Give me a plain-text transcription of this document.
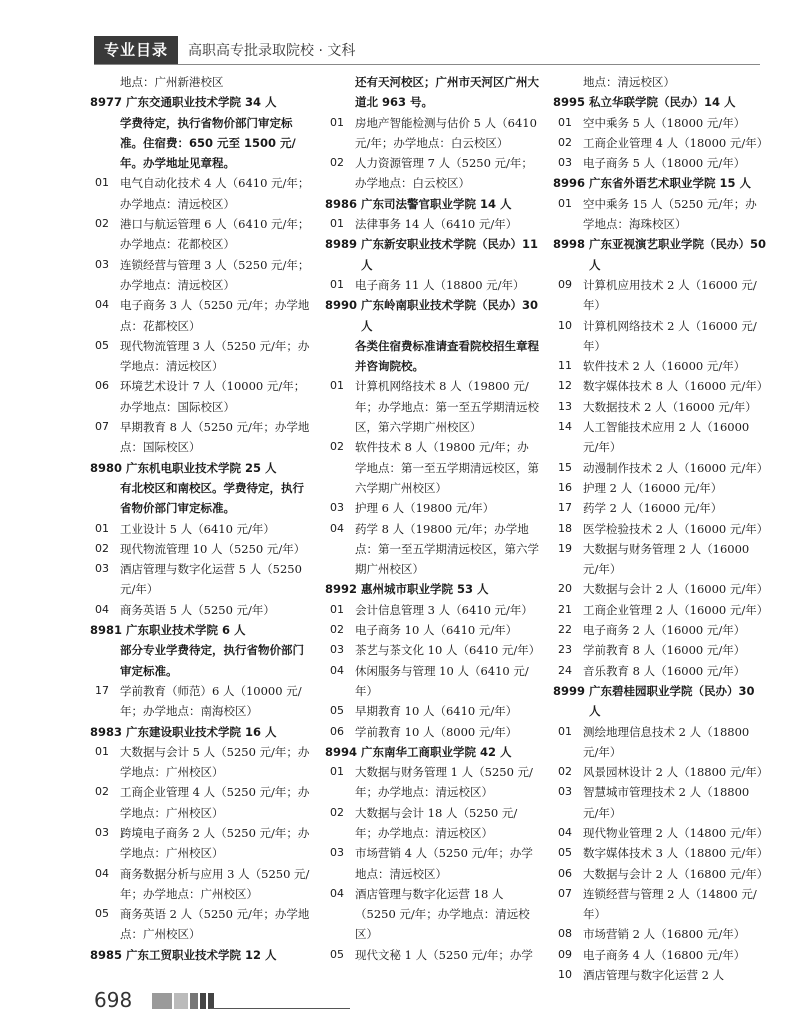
专业目录	高职高专批录取院校 · 文科
地点：广州新港校区
8977 广东交通职业技术学院 34 人
学费待定，执行省物价部门审定标准。住宿费：650 元至 1500 元/年。办学地址见章程。
01 电气自动化技术 4 人（6410 元/年；办学地点：清远校区）
02 港口与航运管理 6 人（6410 元/年；办学地点：花都校区）
03 连锁经营与管理 3 人（5250 元/年；办学地点：清远校区）
04 电子商务 3 人（5250 元/年；办学地点：花都校区）
05 现代物流管理 3 人（5250 元/年；办学地点：清远校区）
06 环境艺术设计 7 人（10000 元/年；办学地点：国际校区）
07 早期教育 8 人（5250 元/年；办学地点：国际校区）
8980 广东机电职业技术学院 25 人
有北校区和南校区。学费待定，执行省物价部门审定标准。
01 工业设计 5 人（6410 元/年）
02 现代物流管理 10 人（5250 元/年）
03 酒店管理与数字化运营 5 人（5250 元/年）
04 商务英语 5 人（5250 元/年）
8981 广东职业技术学院 6 人
部分专业学费待定，执行省物价部门审定标准。
17 学前教育（师范）6 人（10000 元/年；办学地点：南海校区）
8983 广东建设职业技术学院 16 人
01 大数据与会计 5 人（5250 元/年；办学地点：广州校区）
02 工商企业管理 4 人（5250 元/年；办学地点：广州校区）
03 跨境电子商务 2 人（5250 元/年；办学地点：广州校区）
04 商务数据分析与应用 3 人（5250 元/年；办学地点：广州校区）
05 商务英语 2 人（5250 元/年；办学地点：广州校区）
8985 广东工贸职业技术学院 12 人
还有天河校区；广州市天河区广州大道北 963 号。
01 房地产智能检测与估价 5 人（6410 元/年；办学地点：白云校区）
02 人力资源管理 7 人（5250 元/年；办学地点：白云校区）
8986 广东司法警官职业学院 14 人
01 法律事务 14 人（6410 元/年）
8989 广东新安职业技术学院（民办）11 人
01 电子商务 11 人（18800 元/年）
8990 广东岭南职业技术学院（民办）30 人
各类住宿费标准请查看院校招生章程并咨询院校。
01 计算机网络技术 8 人（19800 元/年；办学地点：第一至五学期清远校区，第六学期广州校区）
02 软件技术 8 人（19800 元/年；办学地点：第一至五学期清远校区，第六学期广州校区）
03 护理 6 人（19800 元/年）
04 药学 8 人（19800 元/年；办学地点：第一至五学期清远校区，第六学期广州校区）
8992 惠州城市职业学院 53 人
01 会计信息管理 3 人（6410 元/年）
02 电子商务 10 人（6410 元/年）
03 茶艺与茶文化 10 人（6410 元/年）
04 休闲服务与管理 10 人（6410 元/年）
05 早期教育 10 人（6410 元/年）
06 学前教育 10 人（8000 元/年）
8994 广东南华工商职业学院 42 人
01 大数据与财务管理 1 人（5250 元/年；办学地点：清远校区）
02 大数据与会计 18 人（5250 元/年；办学地点：清远校区）
03 市场营销 4 人（5250 元/年；办学地点：清远校区）
04 酒店管理与数字化运营 18 人（5250 元/年；办学地点：清远校区）
05 现代文秘 1 人（5250 元/年；办学
地点：清远校区）
8995 私立华联学院（民办）14 人
01 空中乘务 5 人（18000 元/年）
02 工商企业管理 4 人（18000 元/年）
03 电子商务 5 人（18000 元/年）
8996 广东省外语艺术职业学院 15 人
01 空中乘务 15 人（5250 元/年；办学地点：海珠校区）
8998 广东亚视演艺职业学院（民办）50 人
09 计算机应用技术 2 人（16000 元/年）
10 计算机网络技术 2 人（16000 元/年）
11 软件技术 2 人（16000 元/年）
12 数字媒体技术 8 人（16000 元/年）
13 大数据技术 2 人（16000 元/年）
14 人工智能技术应用 2 人（16000 元/年）
15 动漫制作技术 2 人（16000 元/年）
16 护理 2 人（16000 元/年）
17 药学 2 人（16000 元/年）
18 医学检验技术 2 人（16000 元/年）
19 大数据与财务管理 2 人（16000 元/年）
20 大数据与会计 2 人（16000 元/年）
21 工商企业管理 2 人（16000 元/年）
22 电子商务 2 人（16000 元/年）
23 学前教育 8 人（16000 元/年）
24 音乐教育 8 人（16000 元/年）
8999 广东碧桂园职业学院（民办）30 人
01 测绘地理信息技术 2 人（18800 元/年）
02 风景园林设计 2 人（18800 元/年）
03 智慧城市管理技术 2 人（18800 元/年）
04 现代物业管理 2 人（14800 元/年）
05 数字媒体技术 3 人（18800 元/年）
06 大数据与会计 2 人（16800 元/年）
07 连锁经营与管理 2 人（14800 元/年）
08 市场营销 2 人（16800 元/年）
09 电子商务 4 人（16800 元/年）
10 酒店管理与数字化运营 2 人
698
